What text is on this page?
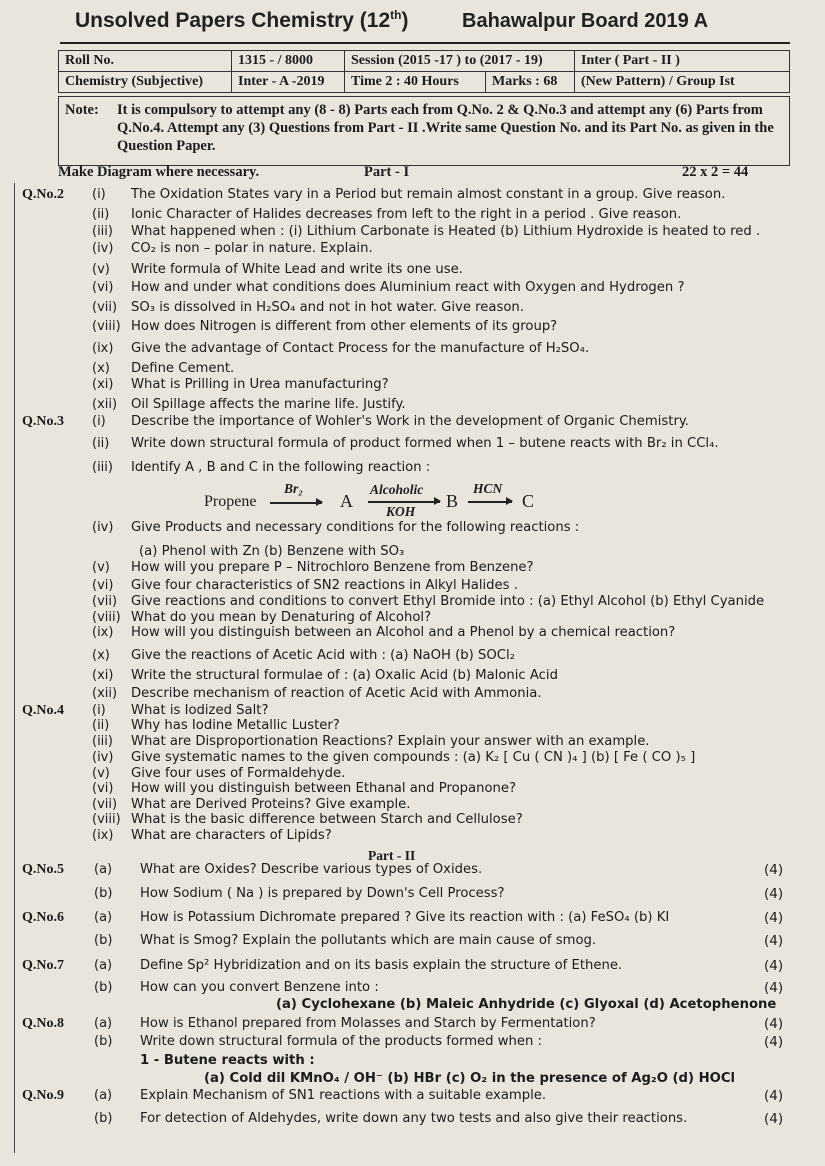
Unsolved Papers Chemistry (12th)	Bahawalpur Board 2019 A
Roll No.	1315 - / 8000	Session (2015 -17 ) to (2017 - 19)		Inter ( Part - II )
Chemistry (Subjective)	Inter - A -2019	Time 2 : 40 Hours	Marks : 68	(New Pattern) / Group Ist
Note: It is compulsory to attempt any (8 - 8) Parts each from Q.No. 2 & Q.No.3 and attempt any (6) Parts from Q.No.4. Attempt any (3) Questions from Part - II .Write same Question No. and its Part No. as given in the Question Paper.
Make Diagram where necessary.	Part - I	22 x 2 = 44
Q.No.2 (i) The Oxidation States vary in a Period but remain almost constant in a group. Give reason.
(ii) Ionic Character of Halides decreases from left to the right in a period . Give reason.
(iii) What happened when : (i) Lithium Carbonate is Heated (b) Lithium Hydroxide is heated to red .
(iv) CO₂ is non – polar in nature. Explain.
(v) Write formula of White Lead and write its one use.
(vi) How and under what conditions does Aluminium react with Oxygen and Hydrogen ?
(vii) SO₃ is dissolved in H₂SO₄ and not in hot water. Give reason.
(viii) How does Nitrogen is different from other elements of its group?
(ix) Give the advantage of Contact Process for the manufacture of H₂SO₄.
(x) Define Cement.
(xi) What is Prilling in Urea manufacturing?
(xii) Oil Spillage affects the marine life. Justify.
Q.No.3 (i) Describe the importance of Wohler's Work in the development of Organic Chemistry.
(ii) Write down structural formula of product formed when 1 – butene reacts with Br₂ in CCl₄.
(iii) Identify A , B and C in the following reaction :
(iv) Give Products and necessary conditions for the following reactions :
(a) Phenol with Zn (b) Benzene with SO₃
(v) How will you prepare P – Nitrochloro Benzene from Benzene?
(vi) Give four characteristics of SN2 reactions in Alkyl Halides .
(vii) Give reactions and conditions to convert Ethyl Bromide into : (a) Ethyl Alcohol (b) Ethyl Cyanide
(viii) What do you mean by Denaturing of Alcohol?
(ix) How will you distinguish between an Alcohol and a Phenol by a chemical reaction?
(x) Give the reactions of Acetic Acid with : (a) NaOH (b) SOCl₂
(xi) Write the structural formulae of : (a) Oxalic Acid (b) Malonic Acid
(xii) Describe mechanism of reaction of Acetic Acid with Ammonia.
Q.No.4 (i) What is Iodized Salt?
(ii) Why has Iodine Metallic Luster?
(iii) What are Disproportionation Reactions? Explain your answer with an example.
(iv) Give systematic names to the given compounds : (a) K₂ [ Cu ( CN )₄ ] (b) [ Fe ( CO )₅ ]
(v) Give four uses of Formaldehyde.
(vi) How will you distinguish between Ethanal and Propanone?
(vii) What are Derived Proteins? Give example.
(viii) What is the basic difference between Starch and Cellulose?
(ix) What are characters of Lipids?
Q.No.5 (a) What are Oxides? Describe various types of Oxides.	(4)
(b) How Sodium ( Na ) is prepared by Down's Cell Process?	(4)
Q.No.6 (a) How is Potassium Dichromate prepared ? Give its reaction with : (a) FeSO₄ (b) KI	(4)
(b) What is Smog? Explain the pollutants which are main cause of smog.	(4)
Q.No.7 (a) Define Sp² Hybridization and on its basis explain the structure of Ethene.	(4)
(b) How can you convert Benzene into :	(4)
(a) Cyclohexane (b) Maleic Anhydride (c) Glyoxal (d) Acetophenone
Q.No.8 (a) How is Ethanol prepared from Molasses and Starch by Fermentation?	(4)
(b) Write down structural formula of the products formed when :	(4)
1 - Butene reacts with :
(a) Cold dil KMnO₄ / OH⁻ (b) HBr (c) O₂ in the presence of Ag₂O (d) HOCl
Q.No.9 (a) Explain Mechanism of SN1 reactions with a suitable example.	(4)
(b) For detection of Aldehydes, write down any two tests and also give their reactions.	(4)
Propene
Br₂
→ A
Alcoholic
KOH
B
HCN
→ C
Part - II
